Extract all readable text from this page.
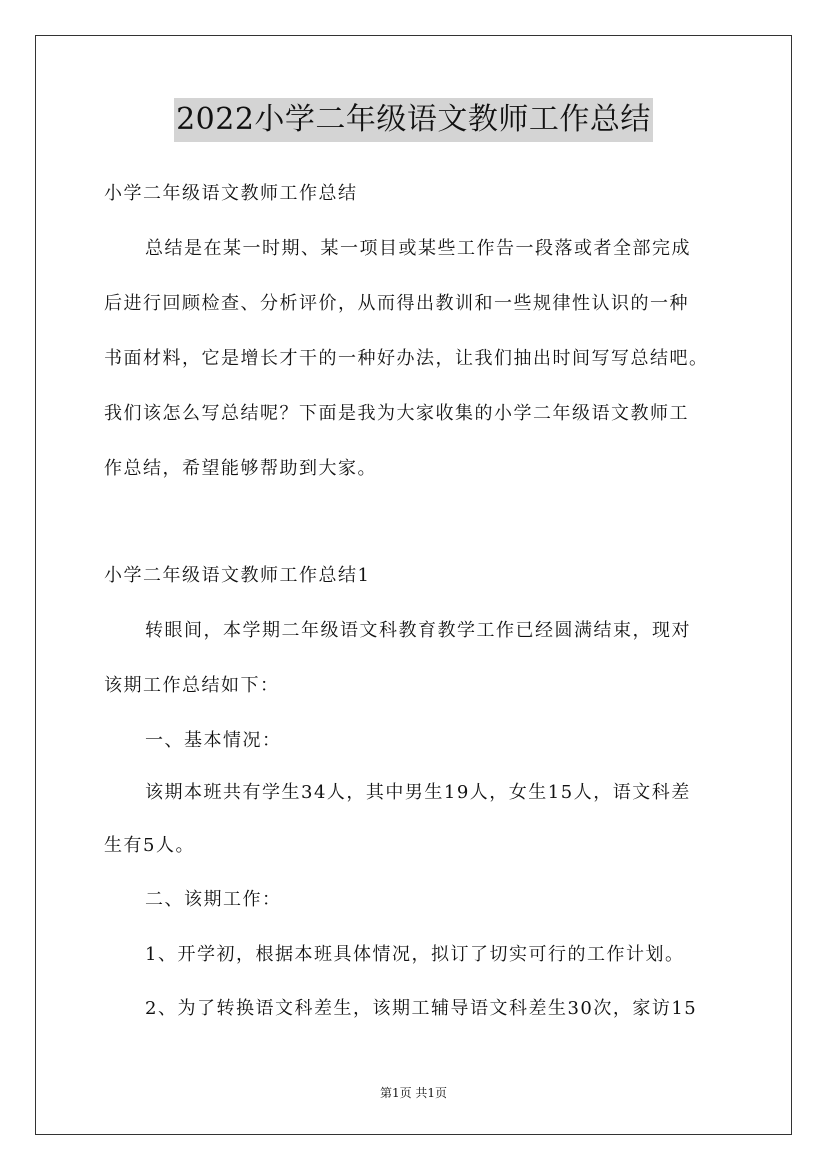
2022小学二年级语文教师工作总结
小学二年级语文教师工作总结
总结是在某一时期、某一项目或某些工作告一段落或者全部完成
后进行回顾检查、分析评价，从而得出教训和一些规律性认识的一种
书面材料，它是增长才干的一种好办法，让我们抽出时间写写总结吧。
我们该怎么写总结呢？下面是我为大家收集的小学二年级语文教师工
作总结，希望能够帮助到大家。
小学二年级语文教师工作总结1
转眼间，本学期二年级语文科教育教学工作已经圆满结束，现对
该期工作总结如下：
一、基本情况：
该期本班共有学生34人，其中男生19人，女生15人，语文科差
生有5人。
二、该期工作：
1、开学初，根据本班具体情况，拟订了切实可行的工作计划。
2、为了转换语文科差生，该期工辅导语文科差生30次，家访15
第1页 共1页
